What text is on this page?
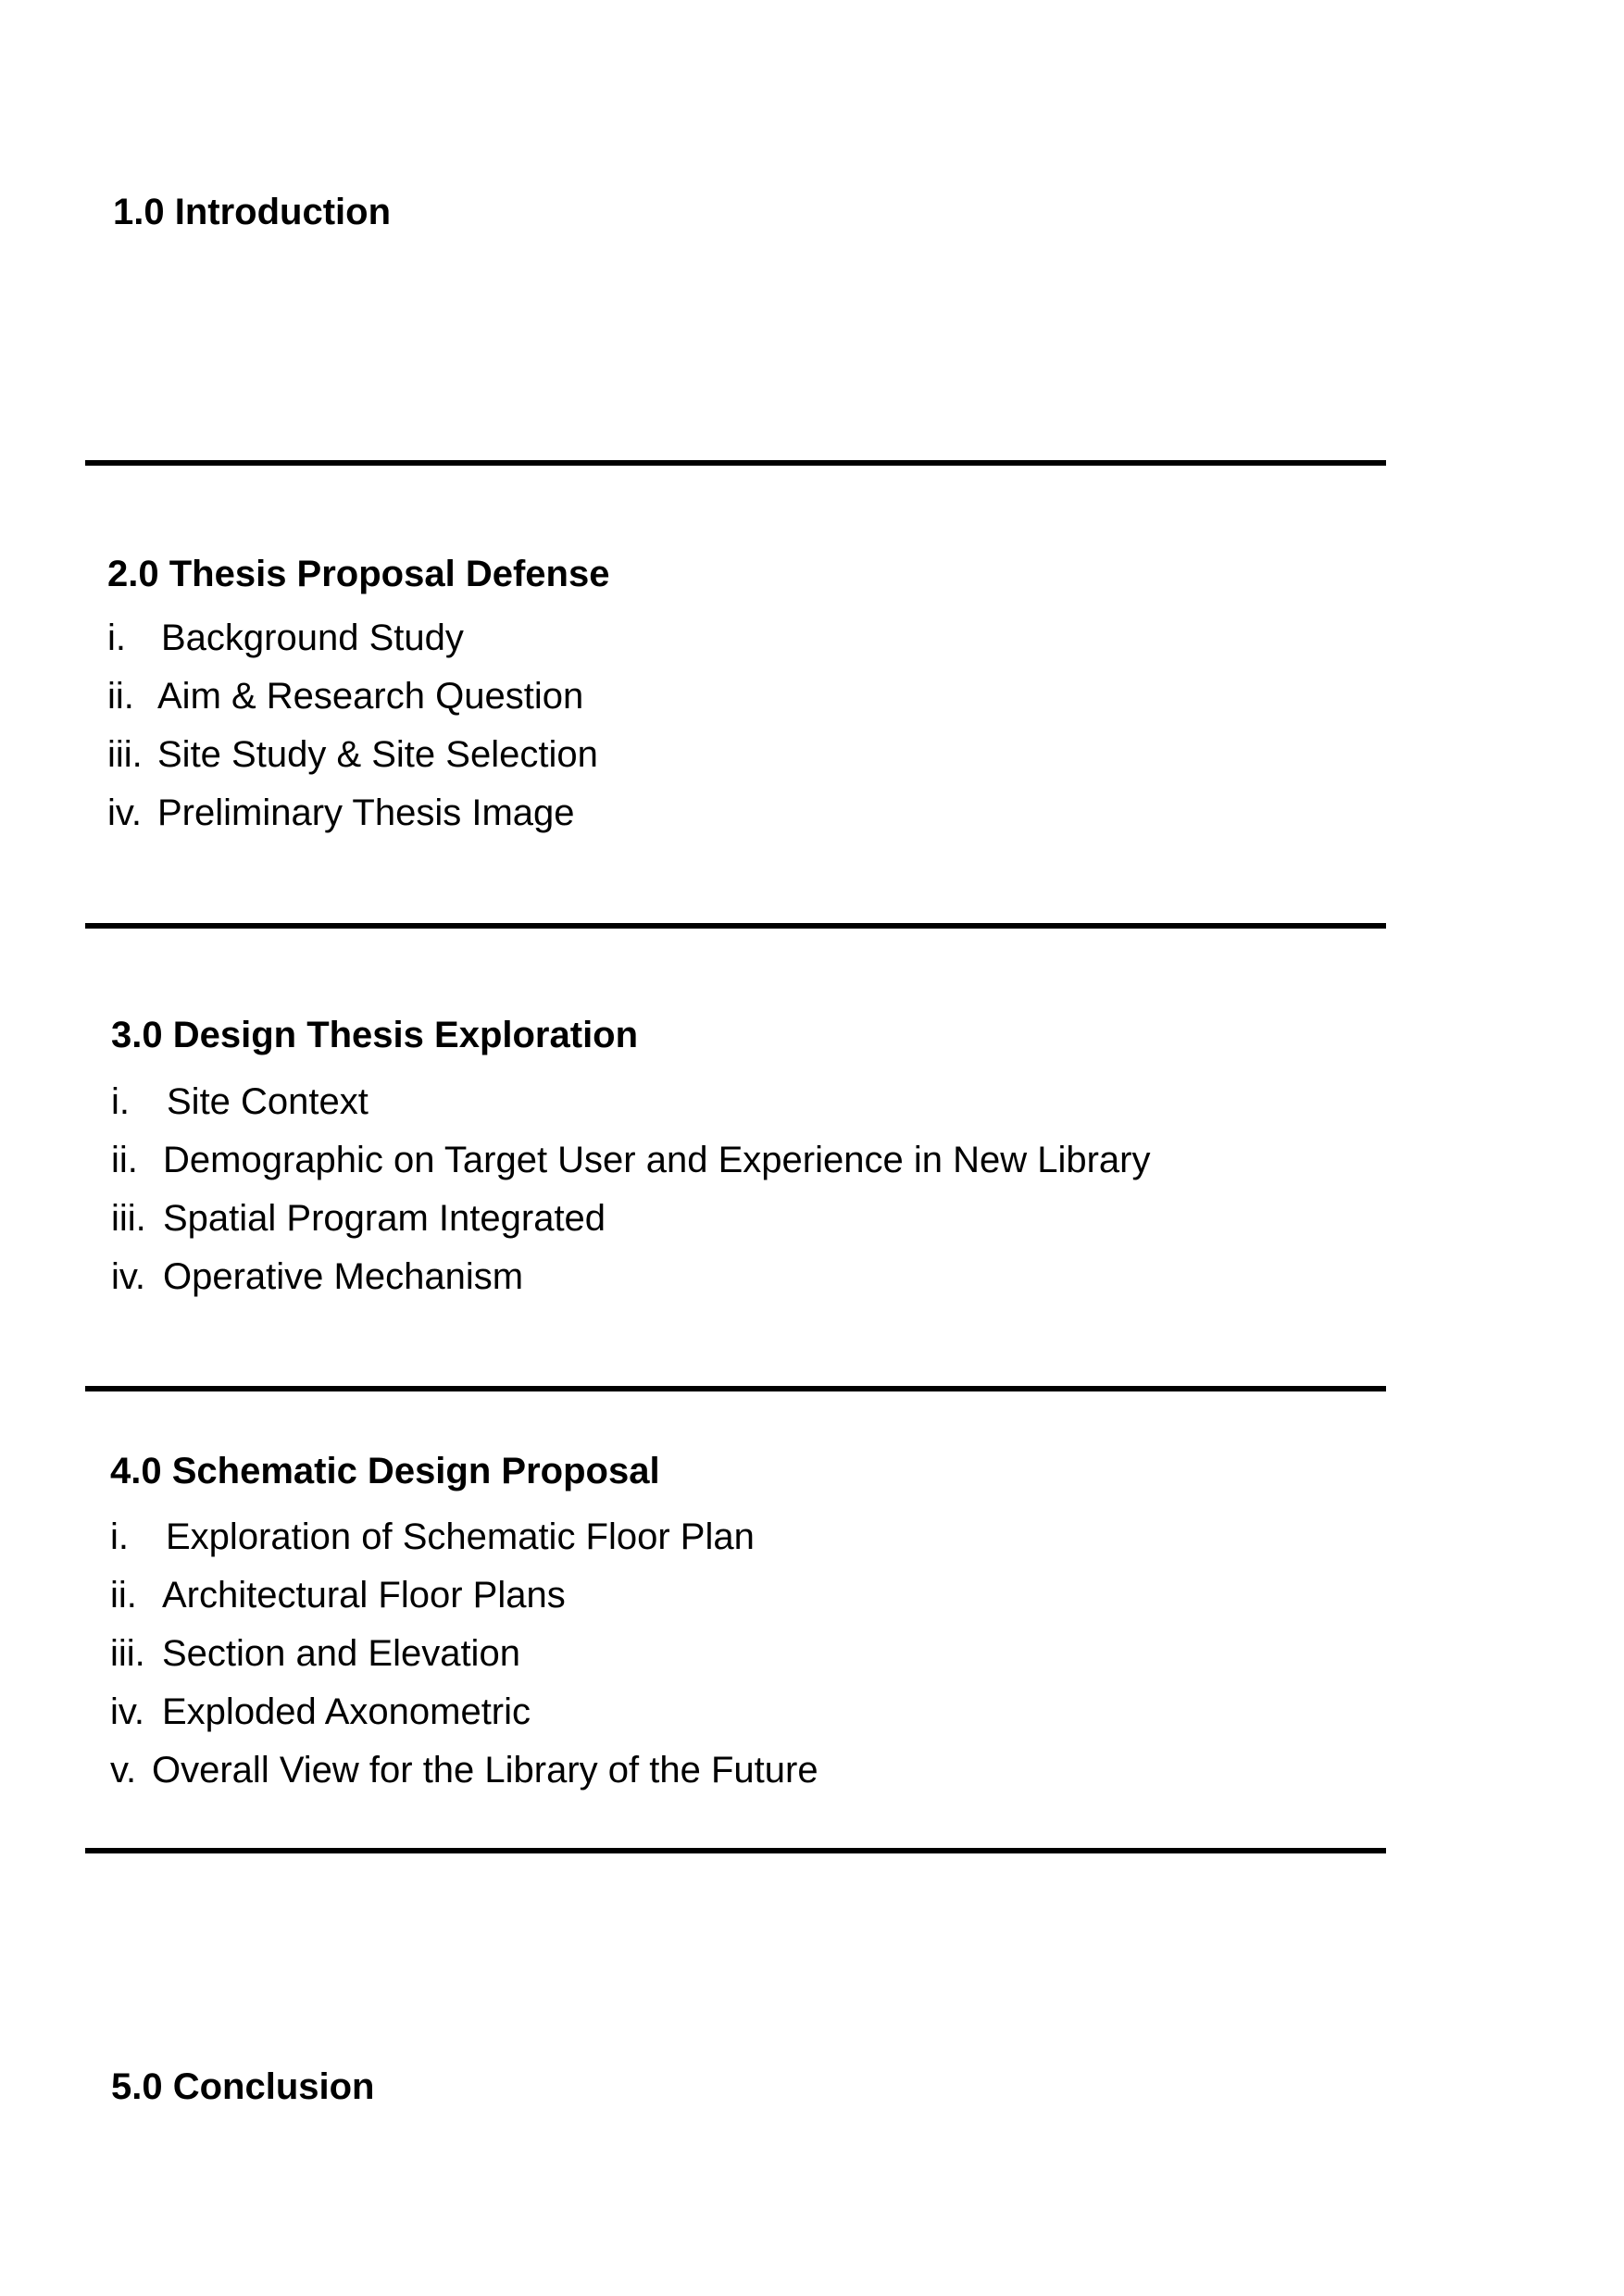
1.0 Introduction
2.0 Thesis Proposal Defense

i. Background Study

ii. Aim & Research Question

iii. Site Study & Site Selection

iv. Preliminary Thesis Image

3.0 Design Thesis Exploration

i. Site Context

ii. Demographic on Target User and Experience in New Library

iii. Spatial Program Integrated

iv. Operative Mechanism

4.0 Schematic Design Proposal

i. Exploration of Schematic Floor Plan

ii. Architectural Floor Plans

iii. Section and Elevation

iv. Exploded Axonometric

v. Overall View for the Library of the Future

5.0 Conclusion
